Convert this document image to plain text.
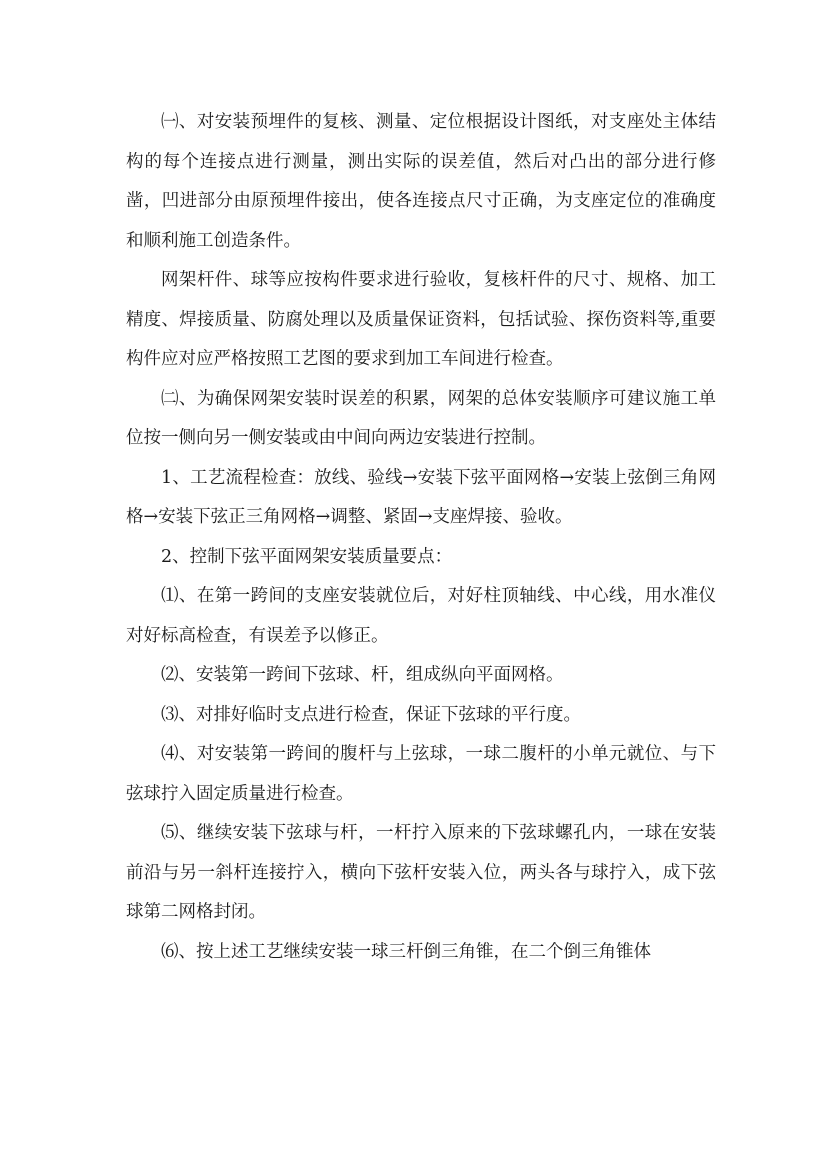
㈠、对安装预埋件的复核、测量、定位根据设计图纸，对支座处主体结构的每个连接点进行测量，测出实际的误差值，然后对凸出的部分进行修凿，凹进部分由原预埋件接出，使各连接点尺寸正确，为支座定位的准确度和顺利施工创造条件。

网架杆件、球等应按构件要求进行验收，复核杆件的尺寸、规格、加工精度、焊接质量、防腐处理以及质量保证资料，包括试验、探伤资料等,重要构件应对应严格按照工艺图的要求到加工车间进行检查。

㈡、为确保网架安装时误差的积累，网架的总体安装顺序可建议施工单位按一侧向另一侧安装或由中间向两边安装进行控制。

1、工艺流程检查：放线、验线→安装下弦平面网格→安装上弦倒三角网格→安装下弦正三角网格→调整、紧固→支座焊接、验收。

2、控制下弦平面网架安装质量要点：

⑴、在第一跨间的支座安装就位后，对好柱顶轴线、中心线，用水准仪对好标高检查，有误差予以修正。

⑵、安装第一跨间下弦球、杆，组成纵向平面网格。

⑶、对排好临时支点进行检查，保证下弦球的平行度。

⑷、对安装第一跨间的腹杆与上弦球，一球二腹杆的小单元就位、与下弦球拧入固定质量进行检查。

⑸、继续安装下弦球与杆，一杆拧入原来的下弦球螺孔内，一球在安装前沿与另一斜杆连接拧入，横向下弦杆安装入位，两头各与球拧入，成下弦球第二网格封闭。

⑹、按上述工艺继续安装一球三杆倒三角锥，在二个倒三角锥体
